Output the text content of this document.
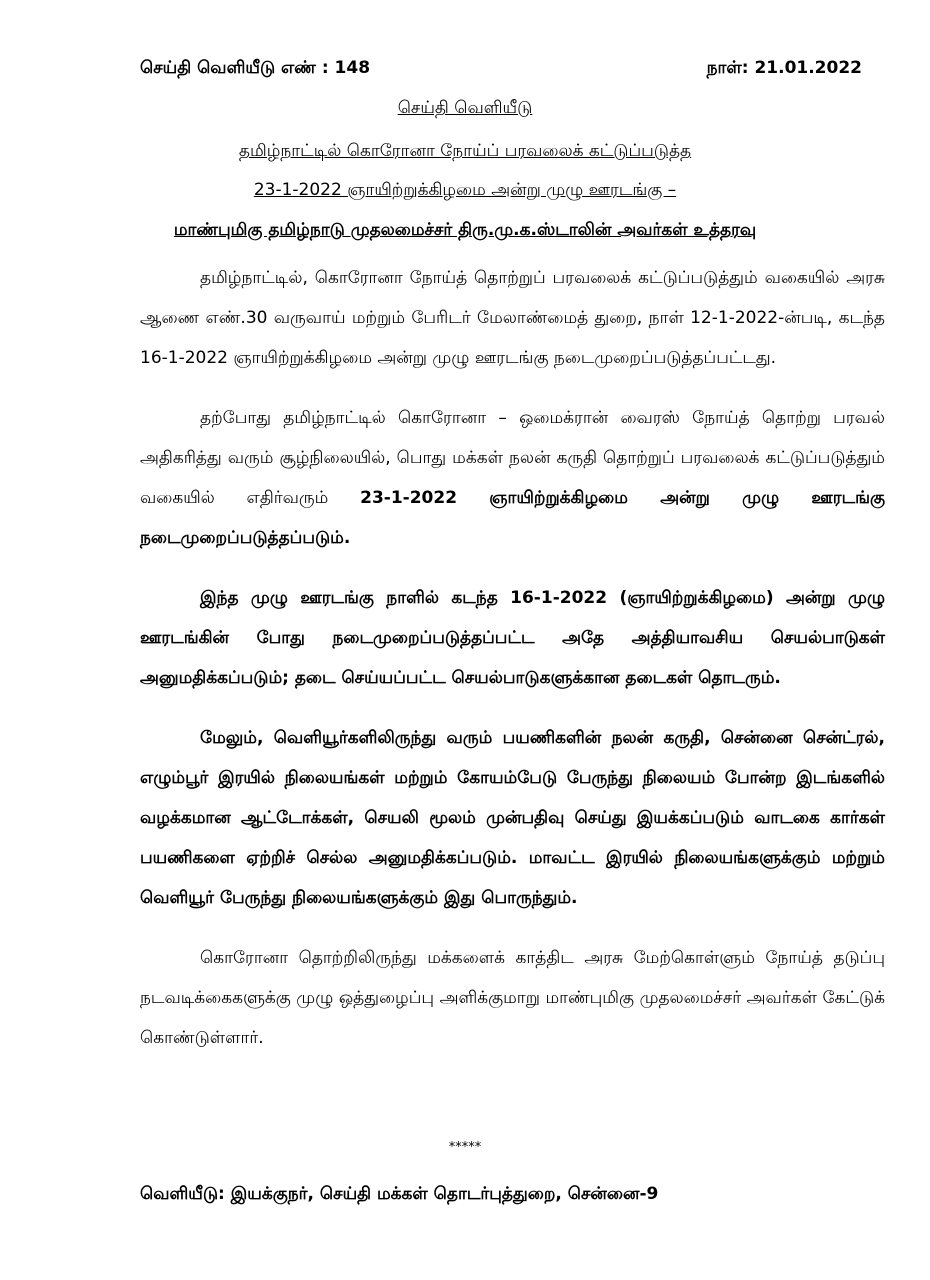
செய்தி வெளியீடு எண் : 148	நாள்: 21.01.2022
செய்தி வெளியீடு
தமிழ்நாட்டில் கொரோனா நோய்ப் பரவலைக் கட்டுப்படுத்த
23-1-2022 ஞாயிற்றுக்கிழமை அன்று முழு ஊரடங்கு –
மாண்புமிகு தமிழ்நாடு முதலமைச்சர் திரு.மு.க.ஸ்டாலின் அவர்கள் உத்தரவு

தமிழ்நாட்டில், கொரோனா நோய்த் தொற்றுப் பரவலைக் கட்டுப்படுத்தும் வகையில் அரசு ஆணை எண்.30 வருவாய் மற்றும் பேரிடர் மேலாண்மைத் துறை, நாள் 12-1-2022-ன்படி, கடந்த 16-1-2022 ஞாயிற்றுக்கிழமை அன்று முழு ஊரடங்கு நடைமுறைப்படுத்தப்பட்டது.

தற்போது தமிழ்நாட்டில் கொரோனா – ஒமைக்ரான் வைரஸ் நோய்த் தொற்று பரவல் அதிகரித்து வரும் சூழ்நிலையில், பொது மக்கள் நலன் கருதி தொற்றுப் பரவலைக் கட்டுப்படுத்தும் வகையில் எதிர்வரும் 23-1-2022 ஞாயிற்றுக்கிழமை அன்று முழு ஊரடங்கு நடைமுறைப்படுத்தப்படும்.

இந்த முழு ஊரடங்கு நாளில் கடந்த 16-1-2022 (ஞாயிற்றுக்கிழமை) அன்று முழு ஊரடங்கின் போது நடைமுறைப்படுத்தப்பட்ட அதே அத்தியாவசிய செயல்பாடுகள் அனுமதிக்கப்படும்; தடை செய்யப்பட்ட செயல்பாடுகளுக்கான தடைகள் தொடரும்.

மேலும், வெளியூர்களிலிருந்து வரும் பயணிகளின் நலன் கருதி, சென்னை சென்ட்ரல், எழும்பூர் இரயில் நிலையங்கள் மற்றும் கோயம்பேடு பேருந்து நிலையம் போன்ற இடங்களில் வழக்கமான ஆட்டோக்கள், செயலி மூலம் முன்பதிவு செய்து இயக்கப்படும் வாடகை கார்கள் பயணிகளை ஏற்றிச் செல்ல அனுமதிக்கப்படும். மாவட்ட இரயில் நிலையங்களுக்கும் மற்றும் வெளியூர் பேருந்து நிலையங்களுக்கும் இது பொருந்தும்.

கொரோனா தொற்றிலிருந்து மக்களைக் காத்திட அரசு மேற்கொள்ளும் நோய்த் தடுப்பு நடவடிக்கைகளுக்கு முழு ஒத்துழைப்பு அளிக்குமாறு மாண்புமிகு முதலமைச்சர் அவர்கள் கேட்டுக் கொண்டுள்ளார்.

*****
வெளியீடு: இயக்குநர், செய்தி மக்கள் தொடர்புத்துறை, சென்னை-9
